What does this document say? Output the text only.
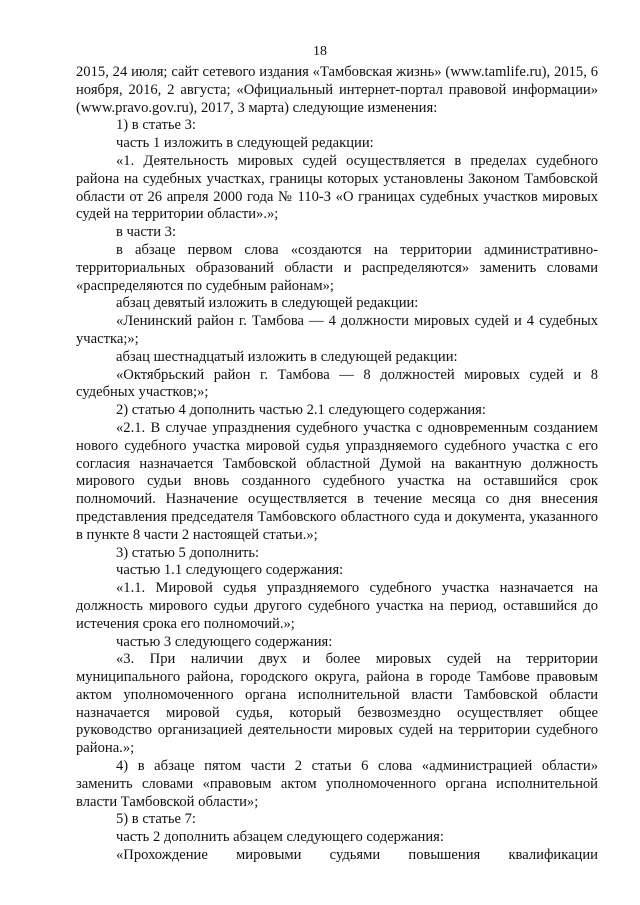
18

2015, 24 июля; сайт сетевого издания «Тамбовская жизнь» (www.tamlife.ru), 2015, 6 ноября, 2016, 2 августа; «Официальный интернет-портал правовой информации» (www.pravo.gov.ru), 2017, 3 марта) следующие изменения:

1) в статье 3:

часть 1 изложить в следующей редакции:

«1. Деятельность мировых судей осуществляется в пределах судебного района на судебных участках, границы которых установлены Законом Тамбовской области от 26 апреля 2000 года № 110-З «О границах судебных участков мировых судей на территории области».»;

в части 3:

в абзаце первом слова «создаются на территории административно-территориальных образований области и распределяются» заменить словами «распределяются по судебным районам»;

абзац девятый изложить в следующей редакции:

«Ленинский район г. Тамбова — 4 должности мировых судей и 4 судебных участка;»;

абзац шестнадцатый изложить в следующей редакции:

«Октябрьский район г. Тамбова — 8 должностей мировых судей и 8 судебных участков;»;

2) статью 4 дополнить частью 2.1 следующего содержания:

«2.1. В случае упразднения судебного участка с одновременным созданием нового судебного участка мировой судья упраздняемого судебного участка с его согласия назначается Тамбовской областной Думой на вакантную должность мирового судьи вновь созданного судебного участка на оставшийся срок полномочий. Назначение осуществляется в течение месяца со дня внесения представления председателя Тамбовского областного суда и документа, указанного в пункте 8 части 2 настоящей статьи.»;

3) статью 5 дополнить:

частью 1.1 следующего содержания:

«1.1. Мировой судья упраздняемого судебного участка назначается на должность мирового судьи другого судебного участка на период, оставшийся до истечения срока его полномочий.»;

частью 3 следующего содержания:

«3. При наличии двух и более мировых судей на территории муниципального района, городского округа, района в городе Тамбове правовым актом уполномоченного органа исполнительной власти Тамбовской области назначается мировой судья, который безвозмездно осуществляет общее руководство организацией деятельности мировых судей на территории судебного района.»;

4) в абзаце пятом части 2 статьи 6 слова «администрацией области» заменить словами «правовым актом уполномоченного органа исполнительной власти Тамбовской области»;

5) в статье 7:

часть 2 дополнить абзацем следующего содержания:

«Прохождение мировыми судьями повышения квалификации
